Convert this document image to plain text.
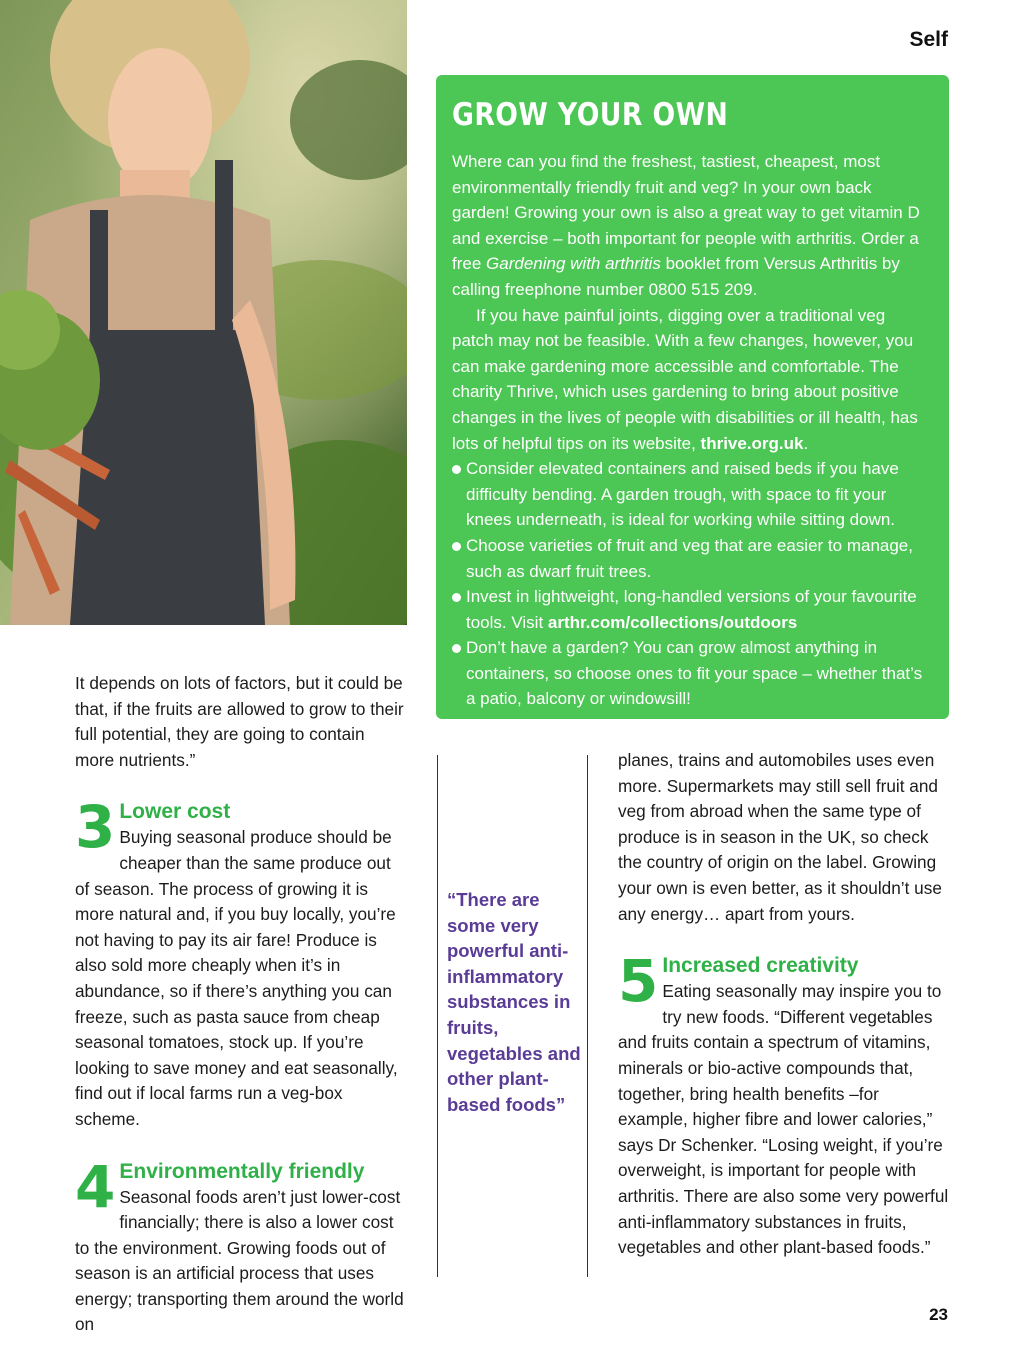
Self
GROW YOUR OWN

Where can you find the freshest, tastiest, cheapest, most environmentally friendly fruit and veg? In your own back garden! Growing your own is also a great way to get vitamin D and exercise – both important for people with arthritis. Order a free Gardening with arthritis booklet from Versus Arthritis by calling freephone number 0800 515 209.

If you have painful joints, digging over a traditional veg patch may not be feasible. With a few changes, however, you can make gardening more accessible and comfortable. The charity Thrive, which uses gardening to bring about positive changes in the lives of people with disabilities or ill health, has lots of helpful tips on its website, thrive.org.uk.

Consider elevated containers and raised beds if you have difficulty bending. A garden trough, with space to fit your knees underneath, is ideal for working while sitting down.
Choose varieties of fruit and veg that are easier to manage, such as dwarf fruit trees.
Invest in lightweight, long-handled versions of your favourite tools. Visit arthr.com/collections/outdoors
Don’t have a garden? You can grow almost anything in containers, so choose ones to fit your space – whether that’s a patio, balcony or windowsill!

It depends on lots of factors, but it could be that, if the fruits are allowed to grow to their full potential, they are going to contain more nutrients.”

3 Lower cost
Buying seasonal produce should be cheaper than the same produce out of season. The process of growing it is more natural and, if you buy locally, you’re not having to pay its air fare! Produce is also sold more cheaply when it’s in abundance, so if there’s anything you can freeze, such as pasta sauce from cheap seasonal tomatoes, stock up. If you’re looking to save money and eat seasonally, find out if local farms run a veg-box scheme.
4 Environmentally friendly
Seasonal foods aren’t just lower-cost financially; there is also a lower cost to the environment. Growing foods out of season is an artificial process that uses energy; transporting them around the world on
“There are some very powerful anti-inflammatory substances in fruits, vegetables and other plant-based foods”

planes, trains and automobiles uses even more. Supermarkets may still sell fruit and veg from abroad when the same type of produce is in season in the UK, so check the country of origin on the label. Growing your own is even better, as it shouldn’t use any energy… apart from yours.

5 Increased creativity
Eating seasonally may inspire you to try new foods. “Different vegetables and fruits contain a spectrum of vitamins, minerals or bio-active compounds that, together, bring health benefits –for example, higher fibre and lower calories,” says Dr Schenker. “Losing weight, if you’re overweight, is important for people with arthritis. There are also some very powerful anti-inflammatory substances in fruits, vegetables and other plant-based foods.”
23
